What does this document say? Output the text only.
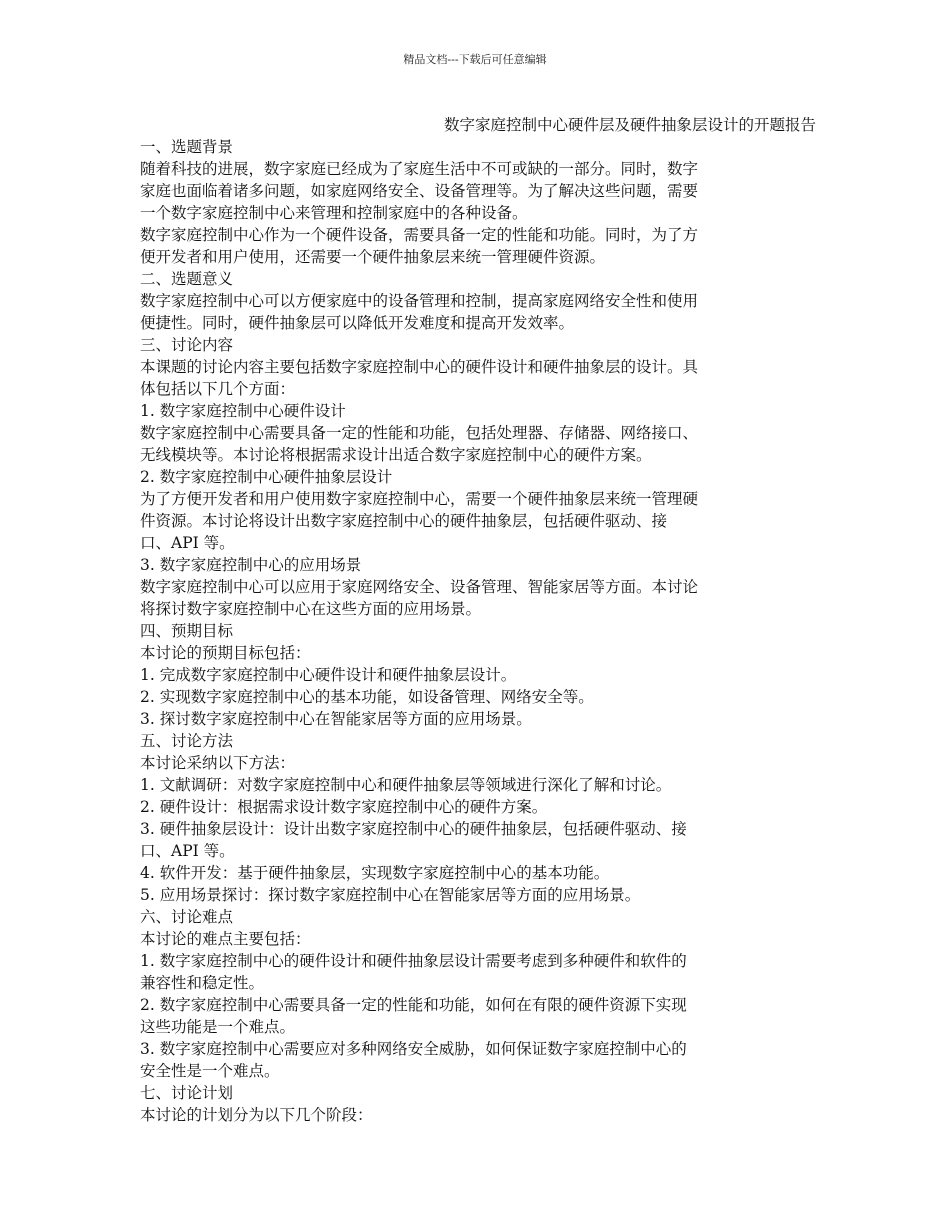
精品文档---下载后可任意编辑

数字家庭控制中心硬件层及硬件抽象层设计的开题报告

一、选题背景

随着科技的进展，数字家庭已经成为了家庭生活中不可或缺的一部分。同时，数字

家庭也面临着诸多问题，如家庭网络安全、设备管理等。为了解决这些问题，需要

一个数字家庭控制中心来管理和控制家庭中的各种设备。

数字家庭控制中心作为一个硬件设备，需要具备一定的性能和功能。同时，为了方

便开发者和用户使用，还需要一个硬件抽象层来统一管理硬件资源。

二、选题意义

数字家庭控制中心可以方便家庭中的设备管理和控制，提高家庭网络安全性和使用

便捷性。同时，硬件抽象层可以降低开发难度和提高开发效率。

三、讨论内容

本课题的讨论内容主要包括数字家庭控制中心的硬件设计和硬件抽象层的设计。具

体包括以下几个方面：

1. 数字家庭控制中心硬件设计

数字家庭控制中心需要具备一定的性能和功能，包括处理器、存储器、网络接口、

无线模块等。本讨论将根据需求设计出适合数字家庭控制中心的硬件方案。

2. 数字家庭控制中心硬件抽象层设计

为了方便开发者和用户使用数字家庭控制中心，需要一个硬件抽象层来统一管理硬

件资源。本讨论将设计出数字家庭控制中心的硬件抽象层，包括硬件驱动、接

口、API 等。

3. 数字家庭控制中心的应用场景

数字家庭控制中心可以应用于家庭网络安全、设备管理、智能家居等方面。本讨论

将探讨数字家庭控制中心在这些方面的应用场景。

四、预期目标

本讨论的预期目标包括：

1. 完成数字家庭控制中心硬件设计和硬件抽象层设计。

2. 实现数字家庭控制中心的基本功能，如设备管理、网络安全等。

3. 探讨数字家庭控制中心在智能家居等方面的应用场景。

五、讨论方法

本讨论采纳以下方法：

1. 文献调研：对数字家庭控制中心和硬件抽象层等领域进行深化了解和讨论。

2. 硬件设计：根据需求设计数字家庭控制中心的硬件方案。

3. 硬件抽象层设计：设计出数字家庭控制中心的硬件抽象层，包括硬件驱动、接

口、API 等。

4. 软件开发：基于硬件抽象层，实现数字家庭控制中心的基本功能。

5. 应用场景探讨：探讨数字家庭控制中心在智能家居等方面的应用场景。

六、讨论难点

本讨论的难点主要包括：

1. 数字家庭控制中心的硬件设计和硬件抽象层设计需要考虑到多种硬件和软件的

兼容性和稳定性。

2. 数字家庭控制中心需要具备一定的性能和功能，如何在有限的硬件资源下实现

这些功能是一个难点。

3. 数字家庭控制中心需要应对多种网络安全威胁，如何保证数字家庭控制中心的

安全性是一个难点。

七、讨论计划

本讨论的计划分为以下几个阶段：
